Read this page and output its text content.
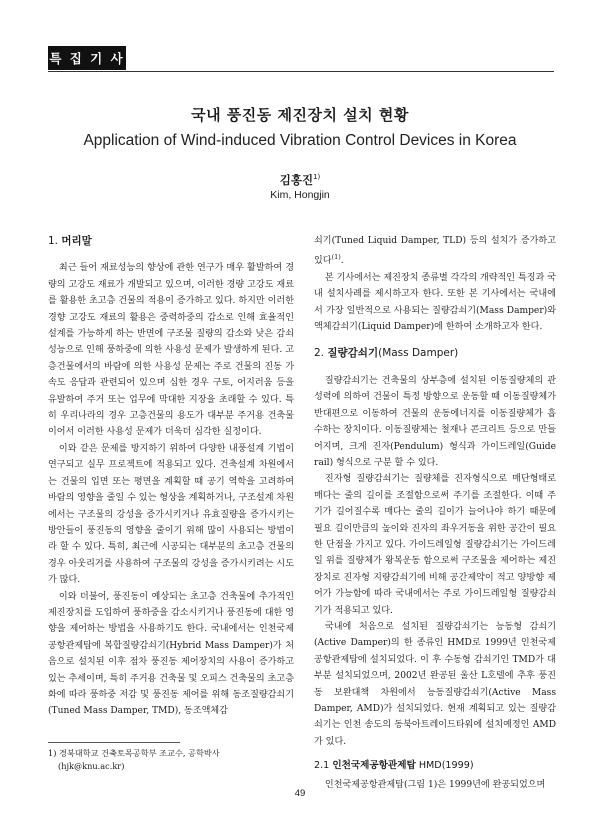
특 집 기 사
국내 풍진동 제진장치 설치 현황
Application of Wind-induced Vibration Control Devices in Korea
김홍진$^{1)}$
Kim, Hongjin
1. 머리말

최근 들어 재료성능의 향상에 관한 연구가 매우 활발하여 경량의 고강도 재료가 개발되고 있으며, 이러한 경량 고강도 재료를 활용한 초고층 건물의 적용이 증가하고 있다. 하지만 이러한 경향 고강도 재료의 활용은 중력하중의 감소로 인해 효율적인 설계를 가능하게 하는 반면에 구조물 질량의 감소와 낮은 감쇠 성능으로 인해 풍하중에 의한 사용성 문제가 발생하게 된다. 고층건물에서의 바람에 의한 사용성 문제는 주로 건물의 진동 가속도 응답과 관련되어 있으며 심한 경우 구토, 어지러움 등을 유발하여 주거 또는 업무에 막대한 지장을 초래할 수 있다. 특히 우리나라의 경우 고층건물의 용도가 대부분 주거용 건축물이어서 이러한 사용성 문제가 더욱더 심각한 실정이다.

이와 같은 문제를 방지하기 위하여 다양한 내풍설계 기법이 연구되고 실무 프로젝트에 적용되고 있다. 건축설계 차원에서는 건물의 입면 또는 평면을 계획할 때 공기 역학을 고려하여 바람의 영향을 줄일 수 있는 형상을 계획하거나, 구조설계 차원에서는 구조물의 강성을 증가시키거나 유효질량을 증가시키는 방안들이 풍진동의 영향을 줄이기 위해 많이 사용되는 방법이라 할 수 있다. 특히, 최근에 시공되는 대부분의 초고층 건물의 경우 아웃리거를 사용하여 구조물의 강성을 증가시키려는 시도가 많다.

이와 더불어, 풍진동이 예상되는 초고층 건축물에 추가적인 제진장치를 도입하여 풍하중을 감소시키거나 풍진동에 대한 영향을 제어하는 방법을 사용하기도 한다. 국내에서는 인천국제공항관제탑에 복합질량감쇠기(Hybrid Mass Damper)가 처음으로 설치된 이후 점차 풍진동 제어장치의 사용이 증가하고 있는 추세이며, 특히 주거용 건축물 및 오피스 건축물의 초고층화에 따라 풍하중 저감 및 풍진동 제어를 위해 동조질량감쇠기 (Tuned Mass Damper, TMD), 동조액체감

쇠기(Tuned Liquid Damper, TLD) 등의 설치가 증가하고 있다$^{(1)}$.

본 기사에서는 제진장치 종류별 각각의 개략적인 특징과 국내 설치사례를 제시하고자 한다. 또한 본 기사에서는 국내에서 가장 일반적으로 사용되는 질량감쇠기(Mass Damper)와 액체감쇠기(Liquid Damper)에 한하여 소개하고자 한다.

2. 질량감쇠기(Mass Damper)

질량감쇠기는 건축물의 상부층에 설치된 이동질량체의 관성력에 의하여 건물이 특정 방향으로 운동할 때 이동질량체가 반대편으로 이동하여 건물의 운동에너지를 이동질량체가 흡수하는 장치이다. 이동질량체는 철재나 콘크리트 등으로 만들어지며, 크게 진자(Pendulum) 형식과 가이드레일(Guide rail) 형식으로 구분 할 수 있다.

진자형 질량감쇠기는 질량체를 진자형식으로 매단형태로 매다는 줄의 길이를 조절함으로써 주기를 조절한다. 이때 주기가 길어질수록 매다는 줄의 길이가 늘어나야 하기 때문에 필요 길이만큼의 높이와 진자의 좌우거동을 위한 공간이 필요한 단점을 가지고 있다. 가이드레일형 질량감쇠기는 가이드레일 위를 질량체가 왕복운동 함으로써 구조물을 제어하는 제진장치로 진자형 지량감쇠기에 비해 공간제약이 적고 양방향 제어가 가능함에 따라 국내에서는 주로 가이드레일형 질량감쇠기가 적용되고 있다.

국내에 처음으로 설치된 질량감쇠기는 능동형 감쇠기(Active Damper)의 한 종류인 HMD로 1999년 인천국제공항관제탑에 설치되었다. 이 후 수동형 감쇠기인 TMD가 대부분 설치되었으며, 2002년 완공된 울산 L호텔에 추후 풍진동 보완대책 차원에서 능동질량감쇠기(Active Mass Damper, AMD)가 설치되었다. 현재 계획되고 있는 질량감쇠기는 인천 송도의 동북아트레이드타워에 설치예정인 AMD가 있다.

2.1 인천국제공항관제탑 HMD(1999)

인천국제공항관제탑(그림 1)은 1999년에 완공되었으며

1) 경북대학교 건축토목공학부 조교수, 공학박사
(hjk@knu.ac.kr)
49
